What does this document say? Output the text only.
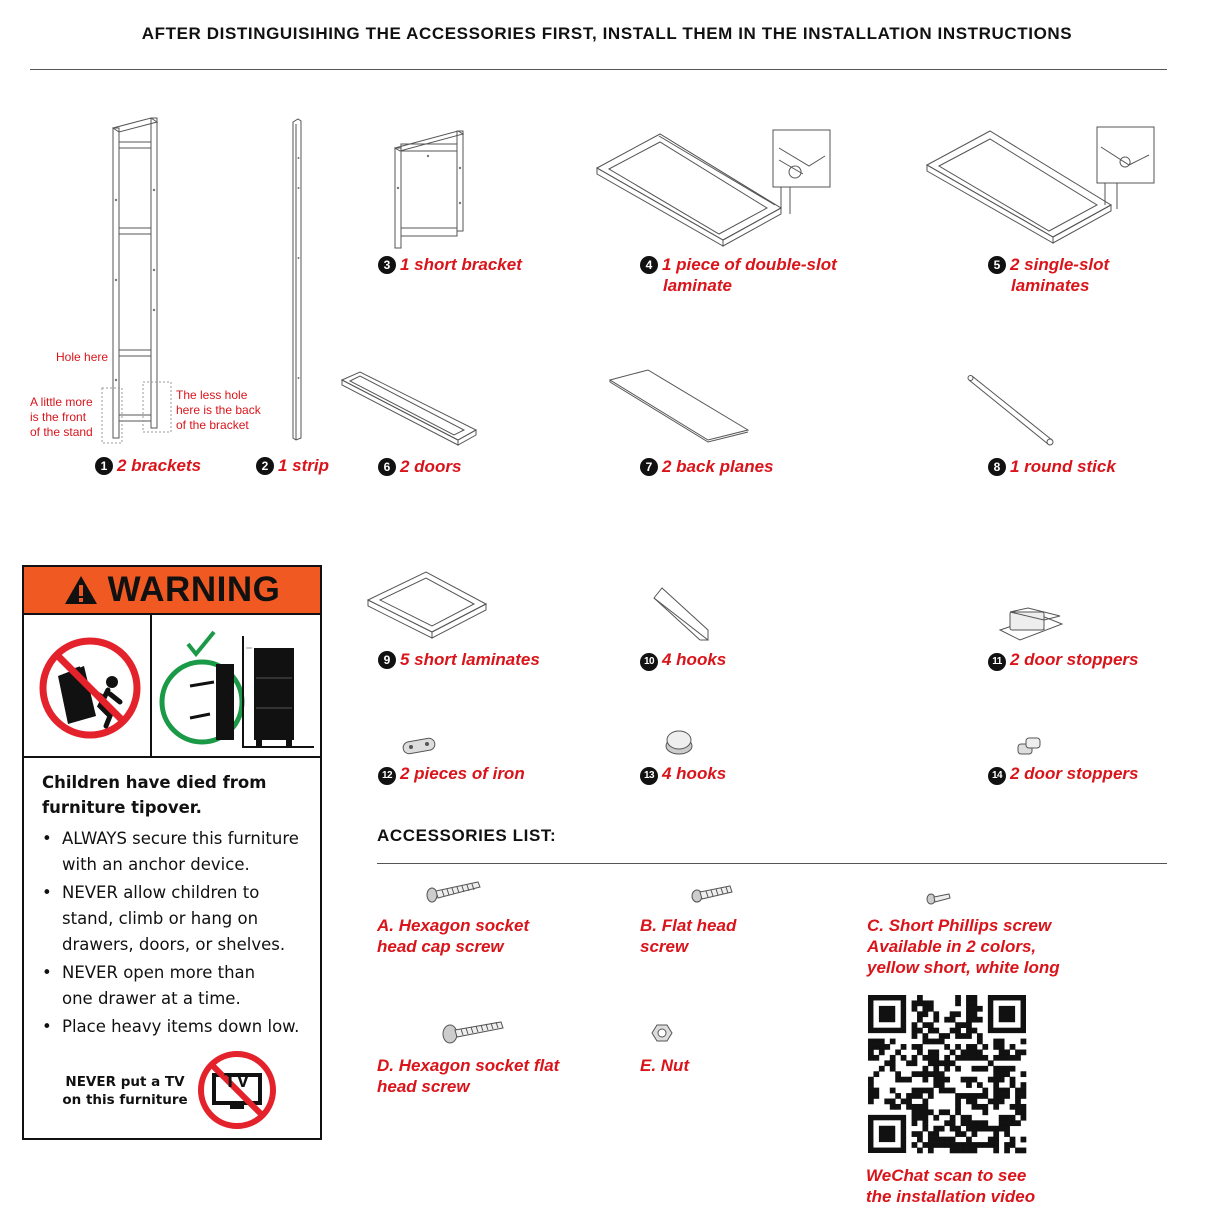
AFTER DISTINGUISIHING THE ACCESSORIES FIRST, INSTALL THEM IN THE INSTALLATION INSTRUCTIONS
Hole here
A little more
is the front
of the stand
The less hole
here is the back
of the bracket
1 2 brackets	2 1 strip
3 1 short bracket	4 1 piece of double-slot
laminate
5 2 single-slot
laminates
6 2 doors	7 2 back planes	8 1 round stick
WARNING
Children have died from
furniture tipover.
• ALWAYS secure this furniture
with an anchor device.
• NEVER allow children to
stand, climb or hang on
drawers, doors, or shelves.
• NEVER open more than
one drawer at a time.
• Place heavy items down low.
NEVER put a TV
on this furniture
TV
9 5 short laminates	10 4 hooks	11 2 door stoppers
12 2 pieces of iron	13 4 hooks	14 2 door stoppers
ACCESSORIES LIST:
A. Hexagon socket
head cap screw
B. Flat head
screw
C. Short Phillips screw
Available in 2 colors,
yellow short, white long
D. Hexagon socket flat
head screw
E. Nut
WeChat scan to see
the installation video
